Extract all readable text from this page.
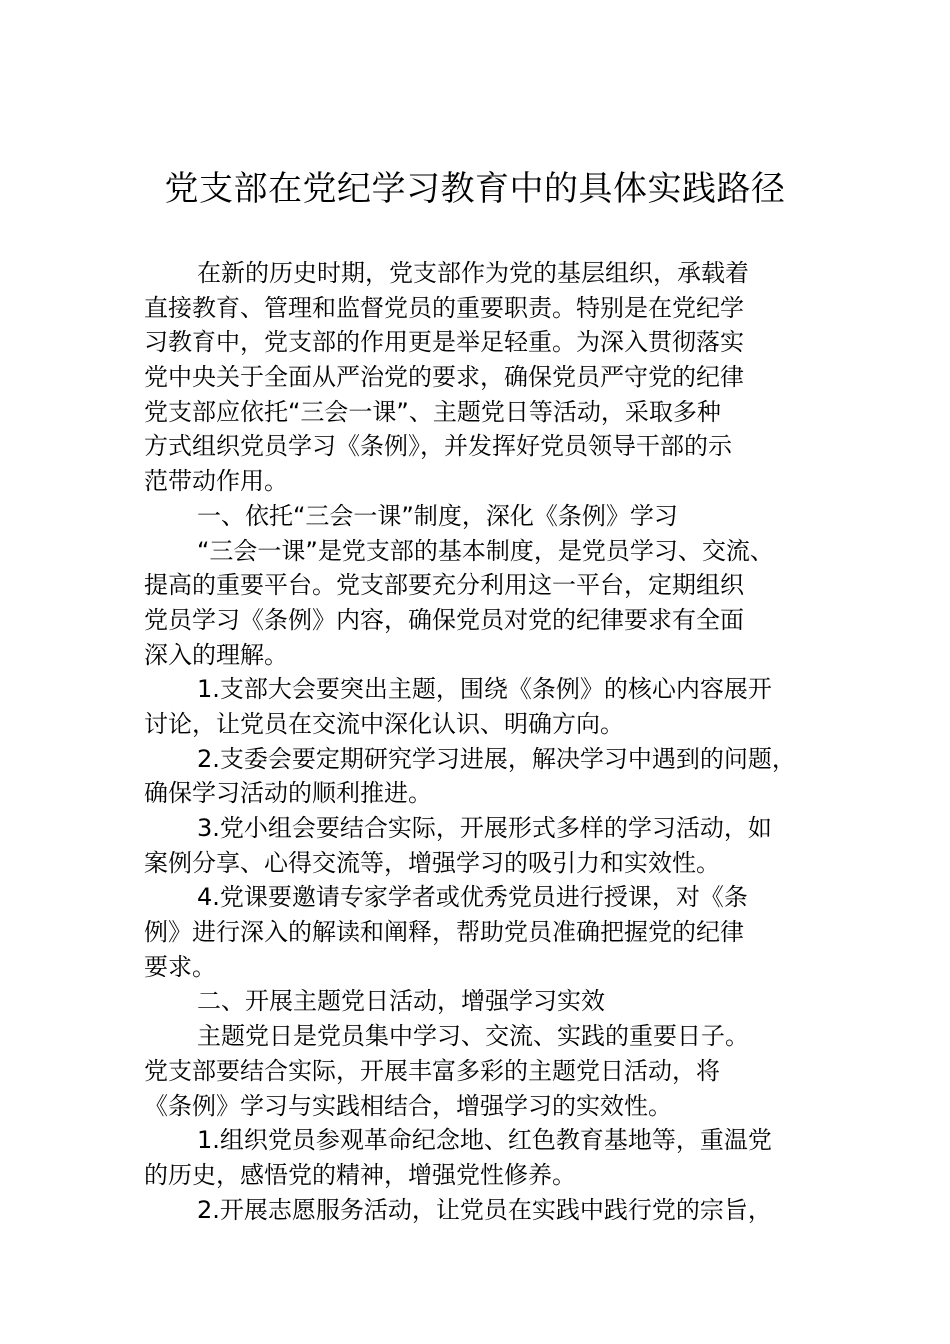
党支部在党纪学习教育中的具体实践路径
在新的历史时期，党支部作为党的基层组织，承载着
直接教育、管理和监督党员的重要职责。特别是在党纪学
习教育中，党支部的作用更是举足轻重。为深入贯彻落实
党中央关于全面从严治党的要求，确保党员严守党的纪律
党支部应依托“三会一课”、主题党日等活动，采取多种
方式组织党员学习《条例》，并发挥好党员领导干部的示
范带动作用。
一、依托“三会一课”制度，深化《条例》学习
“三会一课”是党支部的基本制度，是党员学习、交流、
提高的重要平台。党支部要充分利用这一平台，定期组织
党员学习《条例》内容，确保党员对党的纪律要求有全面
深入的理解。
1.支部大会要突出主题，围绕《条例》的核心内容展开
讨论，让党员在交流中深化认识、明确方向。
2.支委会要定期研究学习进展，解决学习中遇到的问题，
确保学习活动的顺利推进。
3.党小组会要结合实际，开展形式多样的学习活动，如
案例分享、心得交流等，增强学习的吸引力和实效性。
4.党课要邀请专家学者或优秀党员进行授课，对《条
例》进行深入的解读和阐释，帮助党员准确把握党的纪律
要求。
二、开展主题党日活动，增强学习实效
主题党日是党员集中学习、交流、实践的重要日子。
党支部要结合实际，开展丰富多彩的主题党日活动，将
《条例》学习与实践相结合，增强学习的实效性。
1.组织党员参观革命纪念地、红色教育基地等，重温党
的历史，感悟党的精神，增强党性修养。
2.开展志愿服务活动，让党员在实践中践行党的宗旨，
